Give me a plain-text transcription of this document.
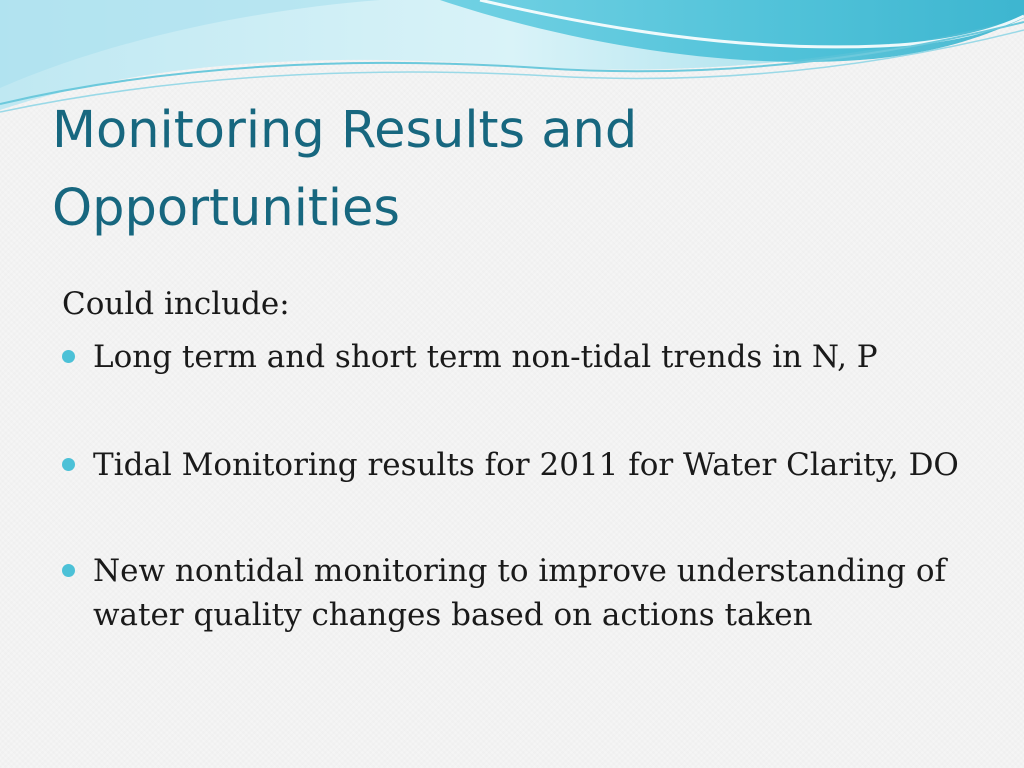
Monitoring Results and
Opportunities

Could include:

Long term and short term non-tidal trends in N, P
Tidal Monitoring results for 2011 for Water Clarity, DO
New nontidal monitoring to improve understanding of water quality changes based on actions taken
